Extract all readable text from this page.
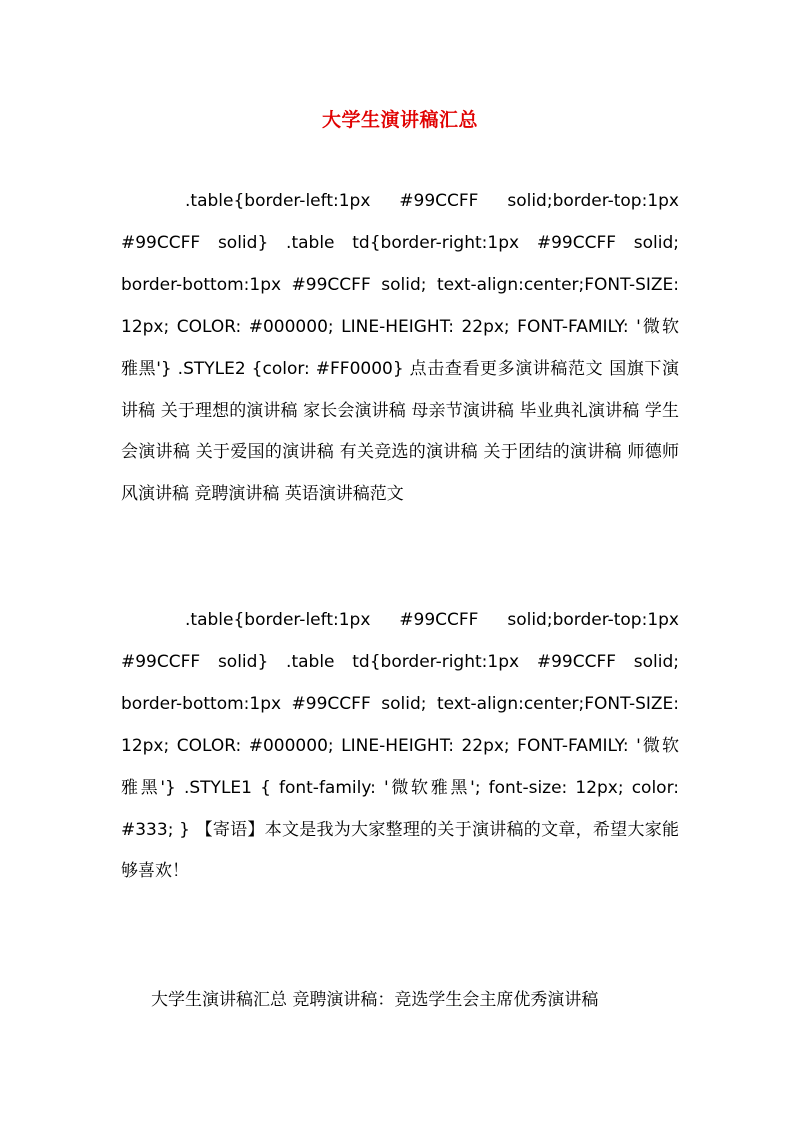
大学生演讲稿汇总
.table{border-left:1px #99CCFF solid;border-top:1px #99CCFF solid} .table td{border-right:1px #99CCFF solid; border-bottom:1px #99CCFF solid; text-align:center;FONT-SIZE: 12px; COLOR: #000000; LINE-HEIGHT: 22px; FONT-FAMILY: '微软雅黑'} .STYLE2 {color: #FF0000} 点击查看更多演讲稿范文 国旗下演讲稿 关于理想的演讲稿 家长会演讲稿 母亲节演讲稿 毕业典礼演讲稿 学生会演讲稿 关于爱国的演讲稿 有关竞选的演讲稿 关于团结的演讲稿 师德师风演讲稿 竞聘演讲稿 英语演讲稿范文
.table{border-left:1px #99CCFF solid;border-top:1px #99CCFF solid} .table td{border-right:1px #99CCFF solid; border-bottom:1px #99CCFF solid; text-align:center;FONT-SIZE: 12px; COLOR: #000000; LINE-HEIGHT: 22px; FONT-FAMILY: '微软雅黑'} .STYLE1 { font-family: '微软雅黑'; font-size: 12px; color: #333; } 【寄语】本文是我为大家整理的关于演讲稿的文章，希望大家能够喜欢！
大学生演讲稿汇总 竞聘演讲稿：竞选学生会主席优秀演讲稿
